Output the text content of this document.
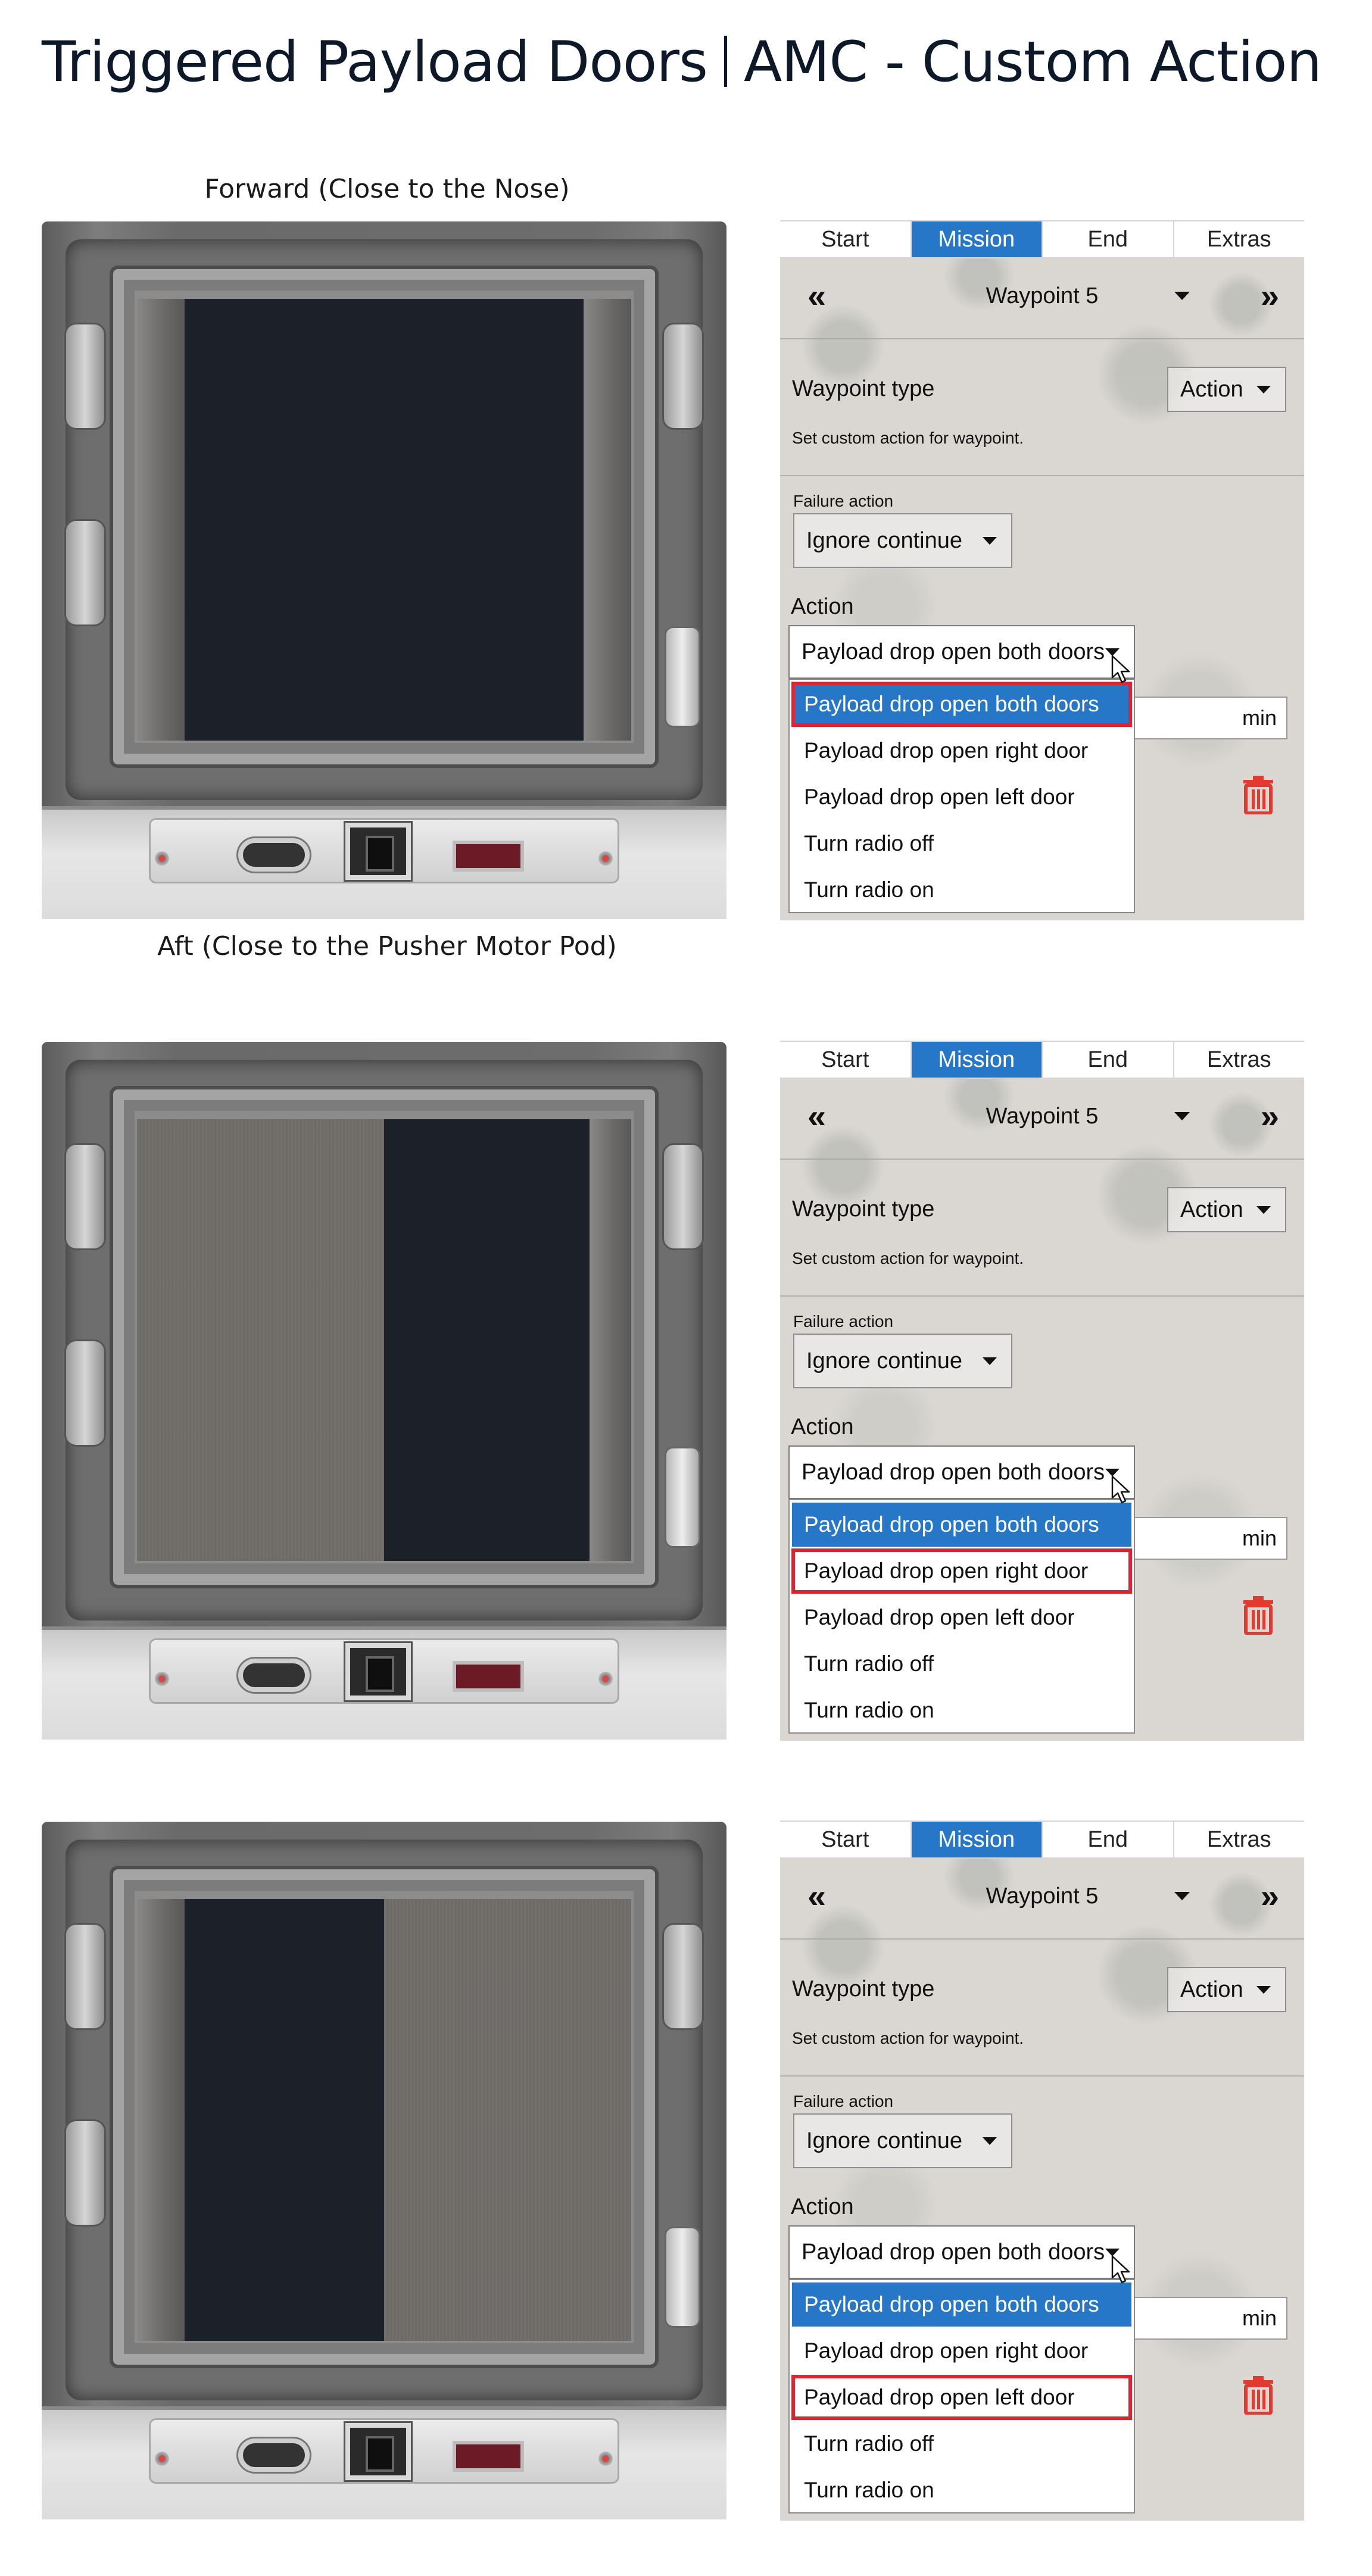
Triggered Payload Doors AMC - Custom Action
Forward (Close to the Nose)
Aft (Close to the Pusher Motor Pod)
Start	Mission	End	Extras
«	Waypoint 5	»
Waypoint type	Action
Set custom action for waypoint.
Failure action
Ignore continue
Action
Payload drop open both doors
min
Payload drop open both doors
Payload drop open right door
Payload drop open left door
Turn radio off
Turn radio on
Start	Mission	End	Extras
«	Waypoint 5	»
Waypoint type	Action
Set custom action for waypoint.
Failure action
Ignore continue
Action
Payload drop open both doors
min
Payload drop open both doors
Payload drop open right door
Payload drop open left door
Turn radio off
Turn radio on
Start	Mission	End	Extras
«	Waypoint 5	»
Waypoint type	Action
Set custom action for waypoint.
Failure action
Ignore continue
Action
Payload drop open both doors
min
Payload drop open both doors
Payload drop open right door
Payload drop open left door
Turn radio off
Turn radio on
